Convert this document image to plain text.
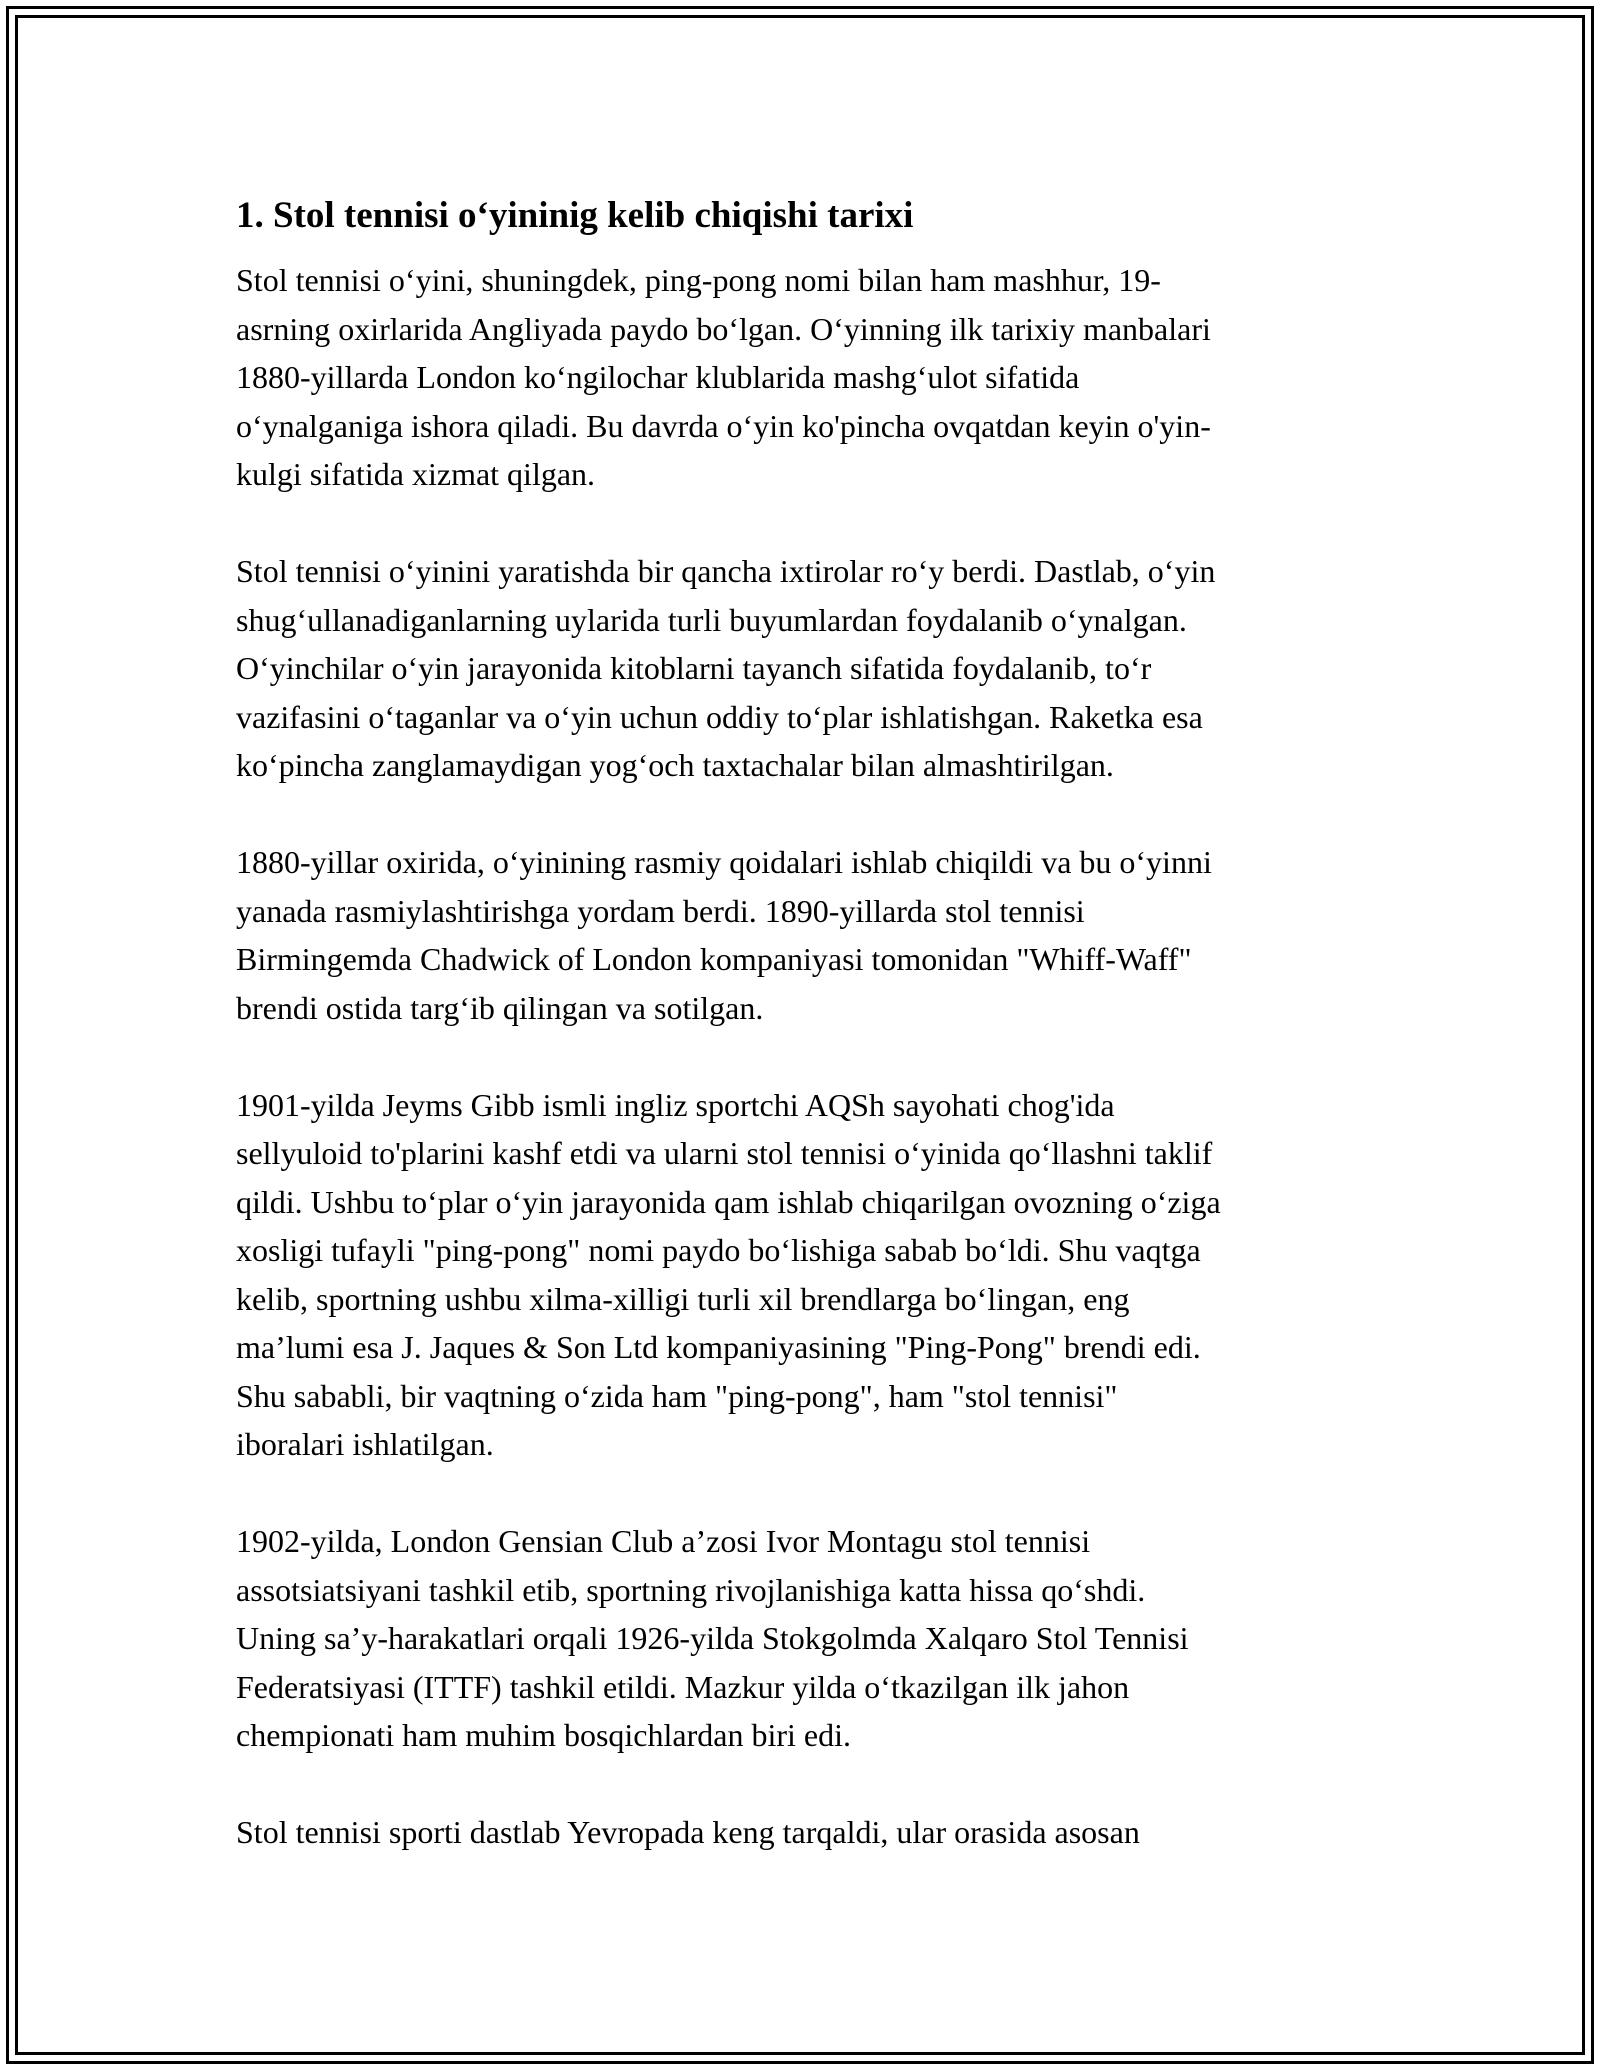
1. Stol tennisi o‘yininig kelib chiqishi tarixi

Stol tennisi o‘yini, shuningdek, ping-pong nomi bilan ham mashhur, 19-
asrning oxirlarida Angliyada paydo bo‘lgan. O‘yinning ilk tarixiy manbalari
1880-yillarda London ko‘ngilochar klublarida mashg‘ulot sifatida
o‘ynalganiga ishora qiladi. Bu davrda o‘yin ko'pincha ovqatdan keyin o'yin-
kulgi sifatida xizmat qilgan.

Stol tennisi o‘yinini yaratishda bir qancha ixtirolar ro‘y berdi. Dastlab, o‘yin
shug‘ullanadiganlarning uylarida turli buyumlardan foydalanib o‘ynalgan.
O‘yinchilar o‘yin jarayonida kitoblarni tayanch sifatida foydalanib, to‘r
vazifasini o‘taganlar va o‘yin uchun oddiy to‘plar ishlatishgan. Raketka esa
ko‘pincha zanglamaydigan yog‘och taxtachalar bilan almashtirilgan.

1880-yillar oxirida, o‘yinining rasmiy qoidalari ishlab chiqildi va bu o‘yinni
yanada rasmiylashtirishga yordam berdi. 1890-yillarda stol tennisi
Birmingemda Chadwick of London kompaniyasi tomonidan "Whiff-Waff"
brendi ostida targ‘ib qilingan va sotilgan.

1901-yilda Jeyms Gibb ismli ingliz sportchi AQSh sayohati chog'ida
sellyuloid to'plarini kashf etdi va ularni stol tennisi o‘yinida qo‘llashni taklif
qildi. Ushbu to‘plar o‘yin jarayonida qam ishlab chiqarilgan ovozning o‘ziga
xosligi tufayli "ping-pong" nomi paydo bo‘lishiga sabab bo‘ldi. Shu vaqtga
kelib, sportning ushbu xilma-xilligi turli xil brendlarga bo‘lingan, eng
ma’lumi esa J. Jaques & Son Ltd kompaniyasining "Ping-Pong" brendi edi.
Shu sababli, bir vaqtning o‘zida ham "ping-pong", ham "stol tennisi"
iboralari ishlatilgan.

1902-yilda, London Gensian Club a’zosi Ivor Montagu stol tennisi
assotsiatsiyani tashkil etib, sportning rivojlanishiga katta hissa qo‘shdi.
Uning sa’y-harakatlari orqali 1926-yilda Stokgolmda Xalqaro Stol Tennisi
Federatsiyasi (ITTF) tashkil etildi. Mazkur yilda o‘tkazilgan ilk jahon
chempionati ham muhim bosqichlardan biri edi.

Stol tennisi sporti dastlab Yevropada keng tarqaldi, ular orasida asosan
